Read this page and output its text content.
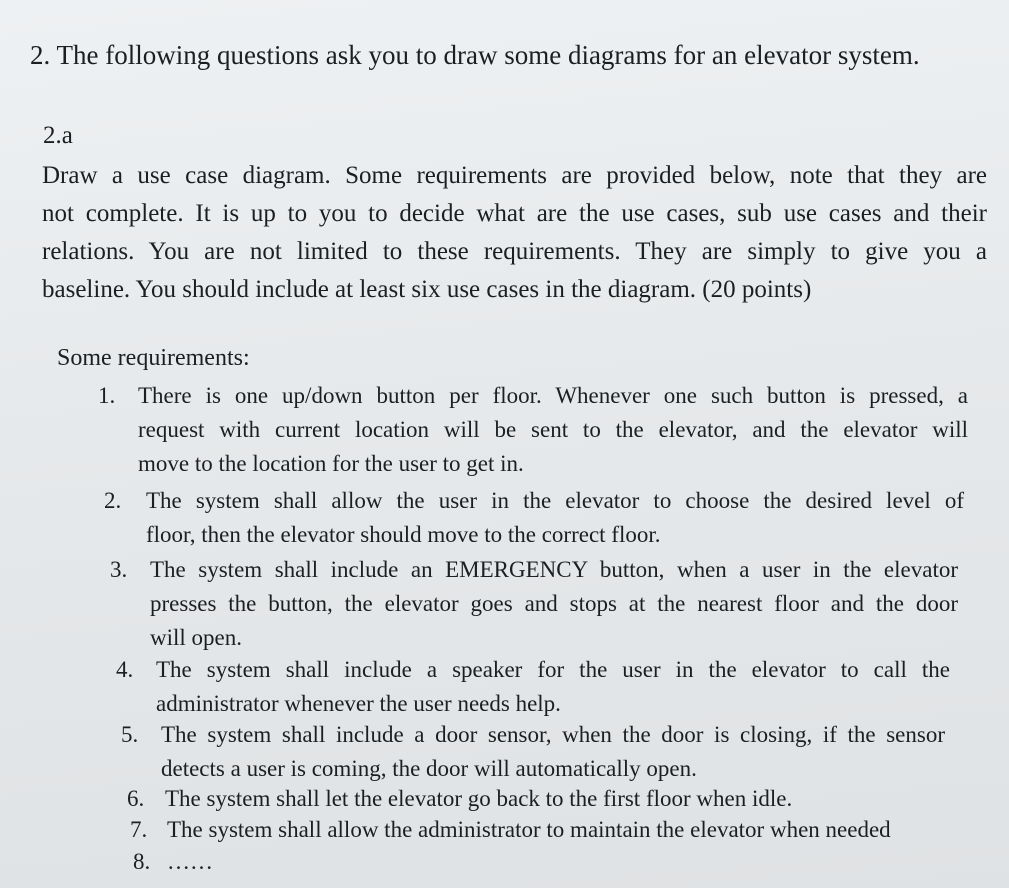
2. The following questions ask you to draw some diagrams for an elevator system.
2.a
Draw a use case diagram. Some requirements are provided below, note that they are
not complete. It is up to you to decide what are the use cases, sub use cases and their
relations. You are not limited to these requirements. They are simply to give you a
baseline. You should include at least six use cases in the diagram. (20 points)
Some requirements:
1. There is one up/down button per floor. Whenever one such button is pressed, a
request with current location will be sent to the elevator, and the elevator will
move to the location for the user to get in.
2. The system shall allow the user in the elevator to choose the desired level of
floor, then the elevator should move to the correct floor.
3. The system shall include an EMERGENCY button, when a user in the elevator
presses the button, the elevator goes and stops at the nearest floor and the door
will open.
4. The system shall include a speaker for the user in the elevator to call the
administrator whenever the user needs help.
5. The system shall include a door sensor, when the door is closing, if the sensor
detects a user is coming, the door will automatically open.
6. The system shall let the elevator go back to the first floor when idle.
7. The system shall allow the administrator to maintain the elevator when needed
8. ……
